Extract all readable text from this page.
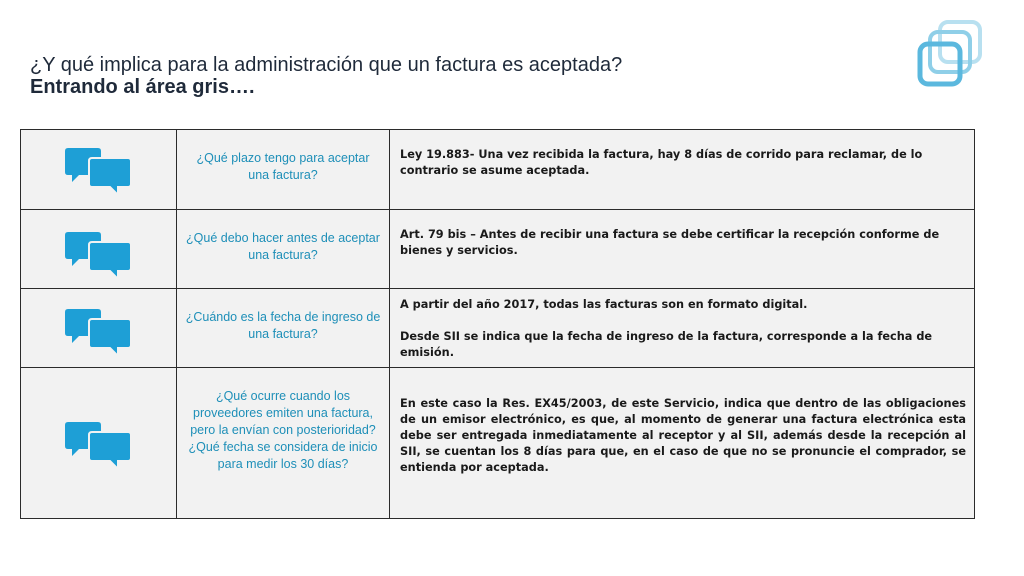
¿Y qué implica para la administración que un factura es aceptada?
Entrando al área gris….

¿Qué plazo tengo para aceptar una factura?	Ley 19.883- Una vez recibida la factura, hay 8 días de corrido para reclamar, de lo contrario se asume aceptada.

¿Qué debo hacer antes de aceptar una factura?	Art. 79 bis – Antes de recibir una factura se debe certificar la recepción conforme de bienes y servicios.

¿Cuándo es la fecha de ingreso de una factura?	A partir del año 2017, todas las facturas son en formato digital.
Desde SII se indica que la fecha de ingreso de la factura, corresponde a la fecha de emisión.

¿Qué ocurre cuando los proveedores emiten una factura, pero la envían con posterioridad?
¿Qué fecha se considera de inicio para medir los 30 días?	En este caso la Res. EX45/2003, de este Servicio, indica que dentro de las obligaciones de un emisor electrónico, es que, al momento de generar una factura electrónica esta debe ser entregada inmediatamente al receptor y al SII, además desde la recepción al SII, se cuentan los 8 días para que, en el caso de que no se pronuncie el comprador, se entienda por aceptada.
